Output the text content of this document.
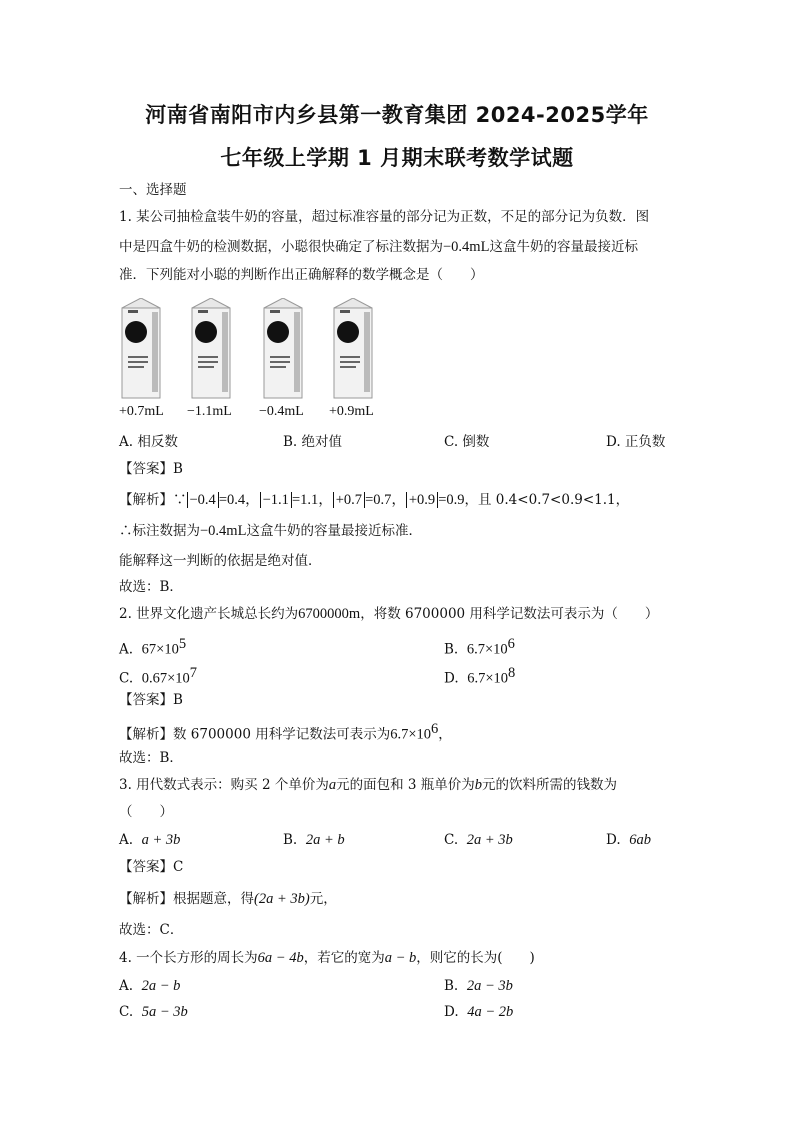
河南省南阳市内乡县第一教育集团 2024-2025学年
七年级上学期 1 月期末联考数学试题
一、选择题
1. 某公司抽检盒装牛奶的容量，超过标准容量的部分记为正数，不足的部分记为负数．图
中是四盒牛奶的检测数据，小聪很快确定了标注数据为−0.4mL这盒牛奶的容量最接近标
准．下列能对小聪的判断作出正确解释的数学概念是（　　）
+0.7mL −1.1mL −0.4mL +0.9mL
A. 相反数	B. 绝对值	C. 倒数	D. 正负数
【答案】B
【解析】∵ −0.4 =0.4， −1.1 =1.1， +0.7 =0.7， +0.9 =0.9，且 0.4<0.7<0.9<1.1，
∴标注数据为−0.4mL这盒牛奶的容量最接近标准．
能解释这一判断的依据是绝对值．
故选：B．
2. 世界文化遗产长城总长约为6700000m，将数 6700000 用科学记数法可表示为（　　）
A. $67\times 10^5$	B. $6.7\times 10^6$
C. $0.67\times 10^7$	D. $6.7\times 10^8$
【答案】B
【解析】数 6700000 用科学记数法可表示为$6.7\times 10^6$，
故选：B．
3. 用代数式表示：购买 2 个单价为a元的面包和 3 瓶单价为b元的饮料所需的钱数为
（　　）
A. a + 3b	B. 2a + b	C. 2a + 3b	D. 6ab
【答案】C
【解析】根据题意，得(2a + 3b)元，
故选：C．
4. 一个长方形的周长为6a − 4b，若它的宽为a − b，则它的长为(　　)
A. 2a − b	B. 2a − 3b
C. 5a − 3b	D. 4a − 2b
